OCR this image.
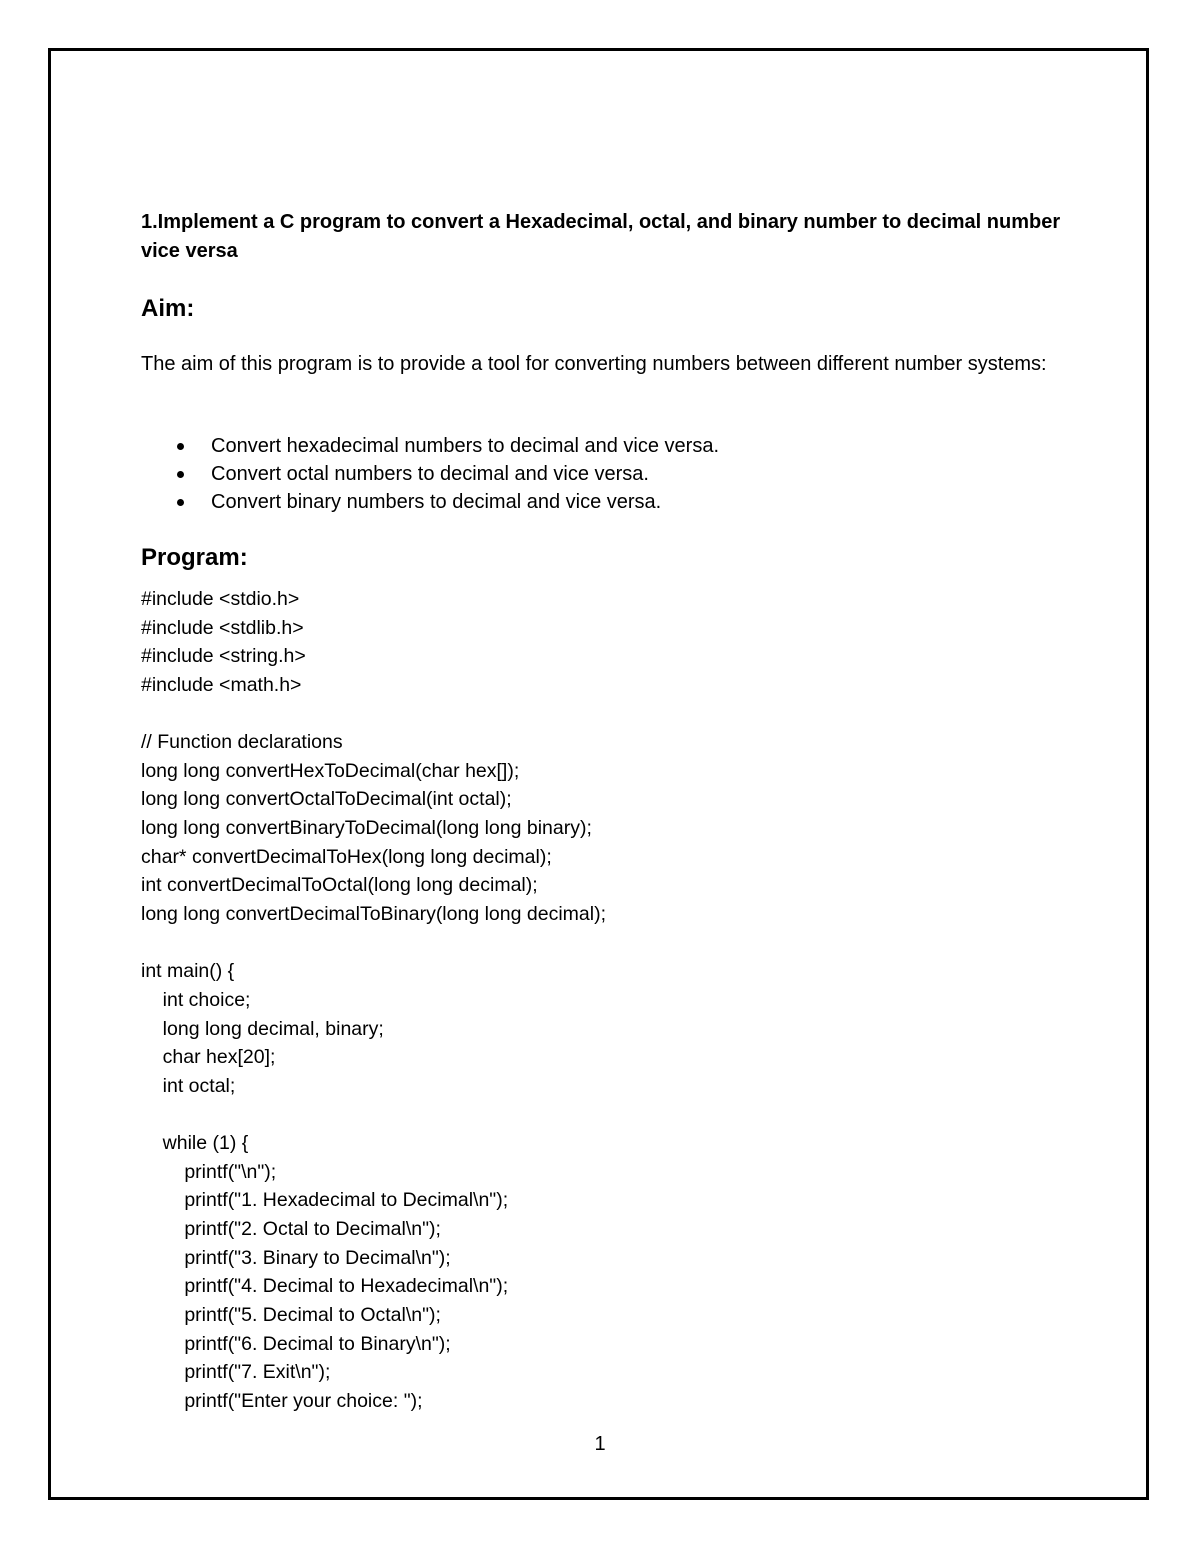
1.Implement a C program to convert a Hexadecimal, octal, and binary number to decimal number vice versa
Aim:

The aim of this program is to provide a tool for converting numbers between different number systems:

Convert hexadecimal numbers to decimal and vice versa.
Convert octal numbers to decimal and vice versa.
Convert binary numbers to decimal and vice versa.
Program:
#include <stdio.h>
#include <stdlib.h>
#include <string.h>
#include <math.h>
// Function declarations
long long convertHexToDecimal(char hex[]);
long long convertOctalToDecimal(int octal);
long long convertBinaryToDecimal(long long binary);
char* convertDecimalToHex(long long decimal);
int convertDecimalToOctal(long long decimal);
long long convertDecimalToBinary(long long decimal);
int main() {
int choice;
long long decimal, binary;
char hex[20];
int octal;
while (1) {
printf("\n");
printf("1. Hexadecimal to Decimal\n");
printf("2. Octal to Decimal\n");
printf("3. Binary to Decimal\n");
printf("4. Decimal to Hexadecimal\n");
printf("5. Decimal to Octal\n");
printf("6. Decimal to Binary\n");
printf("7. Exit\n");
printf("Enter your choice: ");
1
